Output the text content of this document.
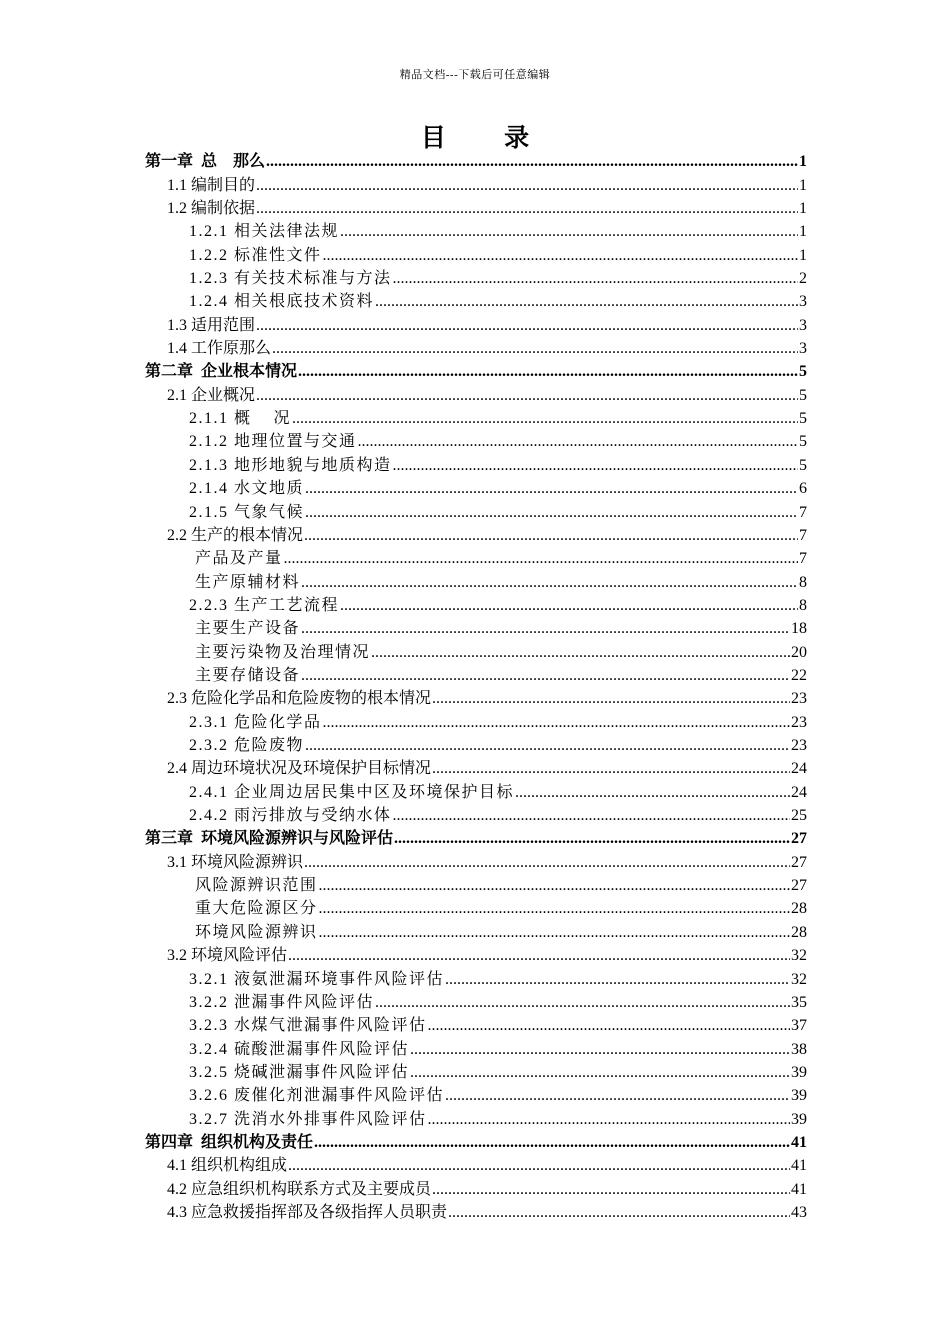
精品文档---下载后可任意编辑
目 录
第一章  总    那么 .....	1
1.1 编制目的 .....	1
1.2 编制依据 .....	1
1.2.1 相关法律法规 .....	1
1.2.2 标准性文件 .....	1
1.2.3 有关技术标准与方法 .....	2
1.2.4 相关根底技术资料 .....	3
1.3 适用范围 .....	3
1.4 工作原那么 .....	3
第二章  企业根本情况 .....	5
2.1 企业概况 .....	5
2.1.1 概    况 .....	5
2.1.2 地理位置与交通 .....	5
2.1.3 地形地貌与地质构造 .....	5
2.1.4 水文地质 .....	6
2.1.5 气象气候 .....	7
2.2 生产的根本情况 .....	7
产品及产量 .....	7
生产原辅材料 .....	8
2.2.3 生产工艺流程 .....	8
主要生产设备 .....	18
主要污染物及治理情况 .....	20
主要存储设备 .....	22
2.3 危险化学品和危险废物的根本情况 .....	23
2.3.1 危险化学品 .....	23
2.3.2 危险废物 .....	23
2.4 周边环境状况及环境保护目标情况 .....	24
2.4.1 企业周边居民集中区及环境保护目标 .....	24
2.4.2 雨污排放与受纳水体 .....	25
第三章  环境风险源辨识与风险评估 .....	27
3.1 环境风险源辨识 .....	27
风险源辨识范围 .....	27
重大危险源区分 .....	28
环境风险源辨识 .....	28
3.2 环境风险评估 .....	32
3.2.1 液氨泄漏环境事件风险评估 .....	32
3.2.2 泄漏事件风险评估 .....	35
3.2.3 水煤气泄漏事件风险评估 .....	37
3.2.4 硫酸泄漏事件风险评估 .....	38
3.2.5 烧碱泄漏事件风险评估 .....	39
3.2.6 废催化剂泄漏事件风险评估 .....	39
3.2.7 洗消水外排事件风险评估 .....	39
第四章  组织机构及责任 .....	41
4.1 组织机构组成 .....	41
4.2 应急组织机构联系方式及主要成员 .....	41
4.3 应急救援指挥部及各级指挥人员职责 .....	43
